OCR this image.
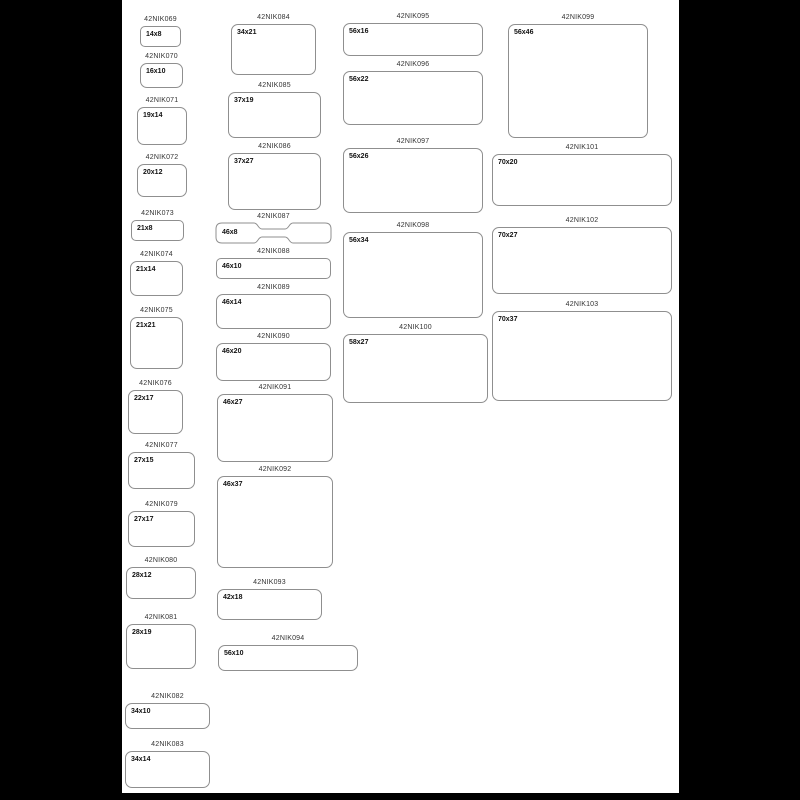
42NIK069
14x8
42NIK070
16x10
42NIK071
19x14
42NIK072
20x12
42NIK073
21x8
42NIK074
21x14
42NIK075
21x21
42NIK076
22x17
42NIK077
27x15
42NIK079
27x17
42NIK080
28x12
42NIK081
28x19
42NIK082
34x10
42NIK083
34x14
42NIK084
34x21
42NIK085
37x19
42NIK086
37x27
42NIK087
46x8
42NIK088
46x10
42NIK089
46x14
42NIK090
46x20
42NIK091
46x27
42NIK092
46x37
42NIK093
42x18
42NIK094
56x10
42NIK095
56x16
42NIK096
56x22
42NIK097
56x26
42NIK098
56x34
42NIK100
58x27
42NIK099
56x46
42NIK101
70x20
42NIK102
70x27
42NIK103
70x37
